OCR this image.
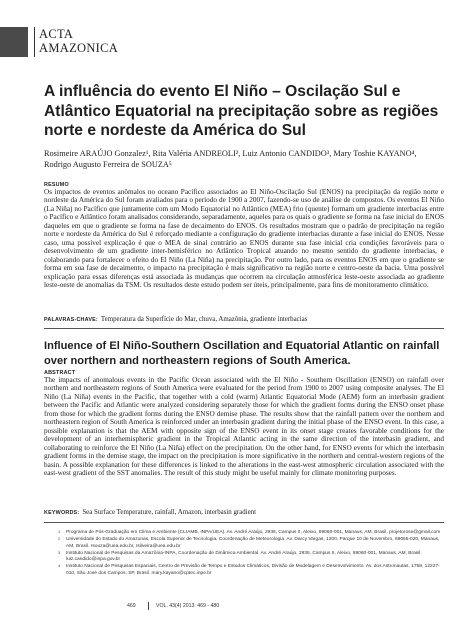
ACTA
AMAZONICA
A influência do evento El Niño – Oscilação Sul e Atlântico Equatorial na precipitação sobre as regiões norte e nordeste da América do Sul
Rosimeire ARAÚJO Gonzalez¹, Rita Valéria ANDREOLI², Luiz Antonio CANDIDO³, Mary Toshie KAYANO⁴, Rodrigo Augusto Ferreira de SOUZA⁵
RESUMO
Os impactos de eventos anômalos no oceano Pacífico associados ao El Niño-Oscilação Sul (ENOS) na precipitação da região norte e nordeste da América do Sul foram avaliados para o período de 1900 a 2007, fazendo-se uso de análise de compostos. Os eventos El Niño (La Niña) no Pacífico que juntamente com um Modo Equatorial no Atlântico (MEA) frio (quente) formam um gradiente interbacias entre o Pacífico e Atlântico foram analisados considerando, separadamente, aqueles para os quais o gradiente se forma na fase inicial do ENOS daqueles em que o gradiente se forma na fase de decaimento do ENOS. Os resultados mostram que o padrão de precipitação na região norte e nordeste da América do Sul é reforçado mediante a configuração do gradiente interbacias durante a fase inicial do ENOS. Nesse caso, uma possível explicação é que o MEA de sinal contrário ao ENOS durante sua fase inicial cria condições favoráveis para o desenvolvimento de um gradiente inter-hemisférico no Atlântico Tropical atuando no mesmo sentido do gradiente interbacias, e colaborando para fortalecer o efeito do El Niño (La Niña) na precipitação. Por outro lado, para os eventos ENOS em que o gradiente se forma em sua fase de decaimento, o impacto na precipitação é mais significativo na região norte e centro-oeste da bacia. Uma possível explicação para essas diferenças está associada às mudanças que ocorrem na circulação atmosférica leste-oeste associada ao gradiente leste-oeste de anomalias da TSM. Os resultados deste estudo podem ser úteis, principalmente, para fins de monitoramento climático.
PALAVRAS-CHAVE: Temperatura da Superfície do Mar, chuva, Amazônia, gradiente interbacias
Influence of El Niño-Southern Oscillation and Equatorial Atlantic on rainfall over northern and northeastern regions of South America.
ABSTRACT
The impacts of anomalous events in the Pacific Ocean associated with the El Niño - Southern Oscillation (ENSO) on rainfall over northern and northeastern regions of South America were evaluated for the period from 1900 to 2007 using composite analyses. The El Niño (La Niña) events in the Pacific, that together with a cold (warm) Atlantic Equatorial Mode (AEM) form an interbasin gradient between the Pacific and Atlantic were analyzed considering separately those for which the gradient forms during the ENSO onset phase from those for which the gradient forms during the ENSO demise phase. The results show that the rainfall pattern over the northern and northeastern region of South America is reinforced under an interbasin gradient during the initial phase of the ENSO event. In this case, a possible explanation is that the AEM with opposite sign of the ENSO event in its onset stage creates favorable conditions for the development of an interhemispheric gradient in the Tropical Atlantic acting in the same direction of the interbasin gradient, and collaborating to reinforce the El Niño (La Niña) effect on the precipitation. On the other hand, for ENSO events for which the interbasin gradient forms in the demise stage, the impact on the precipitation is more significative in the northern and central-western regions of the basin. A possible explanation for these differences is linked to the alterations in the east-west atmospheric circulation associated with the east-west gradient of the SST anomalies. The result of this study might be useful mainly for climate monitoring purposes.
KEYWORDS: Sea Surface Temperature, rainfall, Amazon, interbasin gradient
1 Programa de Pós-Graduação em Clima e Ambiente (CLIAMB, INPA/UEA). Av. André Araújo, 2936, Campus II, Aleixo, 69060-001, Manaus, AM, Brasil. projetorose@gmail.com
2 Universidade do Estado do Amazonas, Escola Superior de Tecnologia, Coordenação de Meteorologia. Av. Darcy Vargas, 1200, Parque 10 de Novembro, 69065-020, Manaus, AM, Brasil. rsouza@uea.edu.br, rsilveira@uea.edu.br
3 Instituto Nacional de Pesquisas da Amazônia-INPA, Coordenação de Dinâmica Ambiental. Av. André Araújo, 2936, Campus II, Aleixo, 69060-001, Manaus, AM, Brasil. luiz.candido@inpa.gov.br
4 Instituto Nacional de Pesquisas Espaciais, Centro de Previsão de Tempo e Estudos Climáticos, Divisão de Modelagem e Desenvolvimento. Av. dos Astronautas, 1758, 12227-010, São José dos Campos, SP, Brasil. mary.kayano@cptec.inpe.br
469	VOL. 43(4) 2013: 469 - 480
